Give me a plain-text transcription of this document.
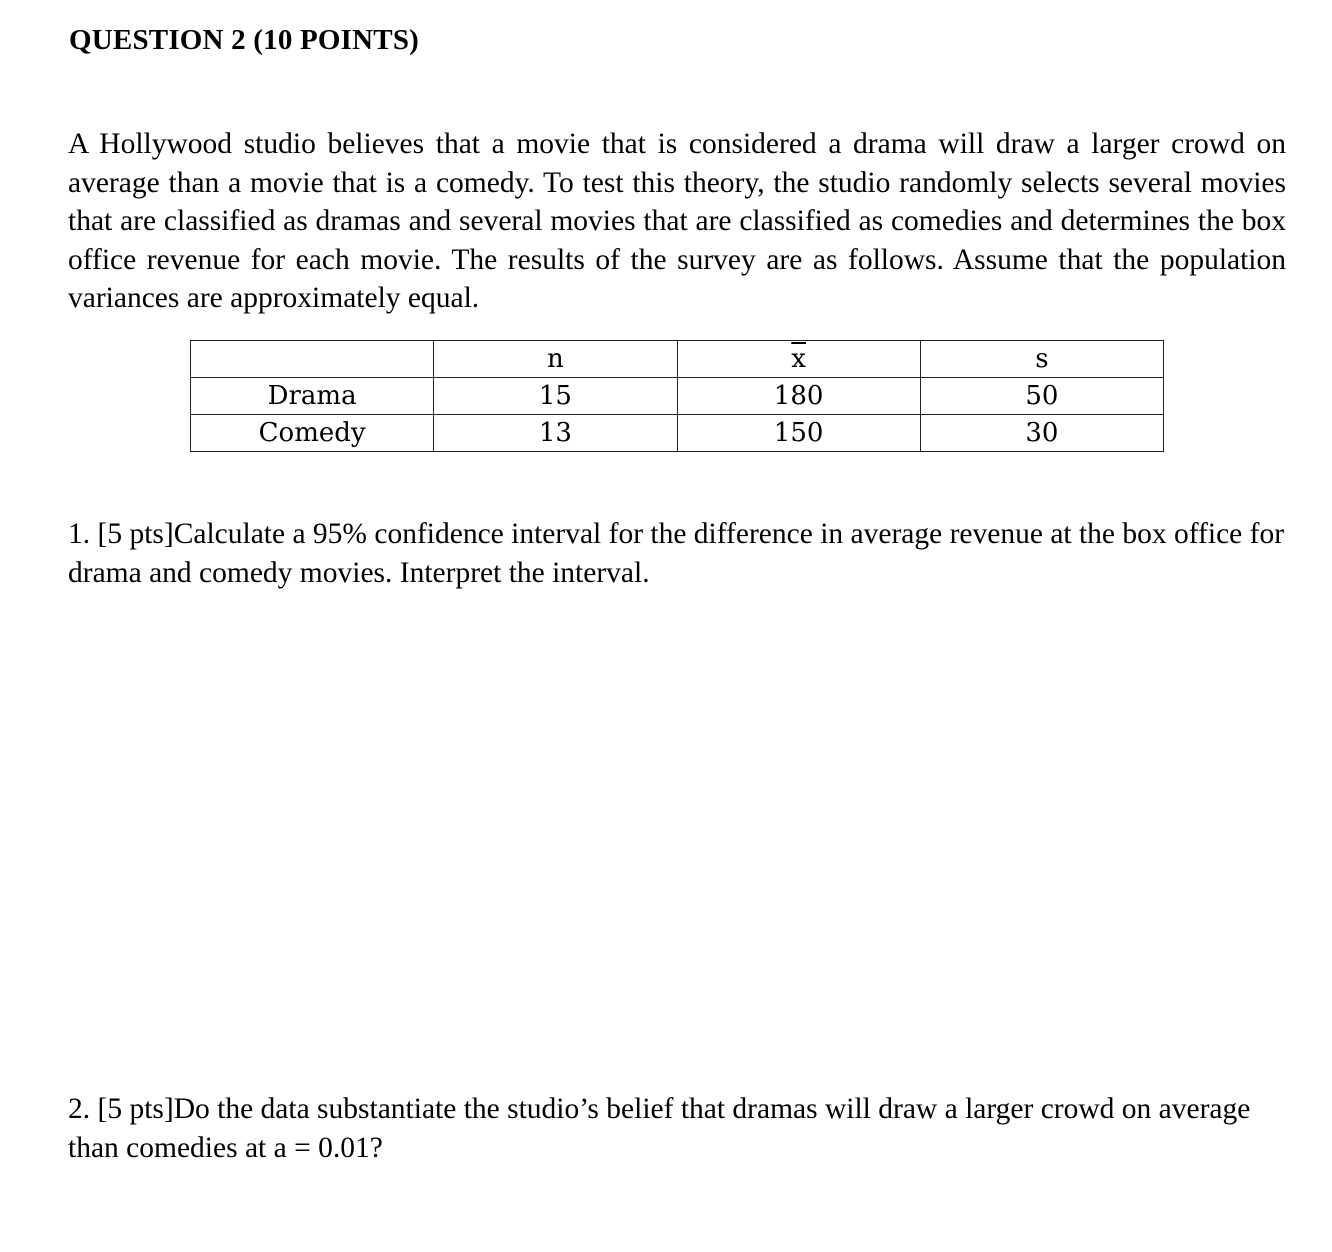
QUESTION 2 (10 POINTS)

A Hollywood studio believes that a movie that is considered a drama will draw a larger crowd on average than a movie that is a comedy. To test this theory, the studio randomly selects several movies that are classified as dramas and several movies that are classified as comedies and determines the box office revenue for each movie. The results of the survey are as follows. Assume that the population variances are approximately equal.

	n	$\overline{x}$	s
Drama	15	180	50
Comedy	13	150	30

1. [5 pts]Calculate a 95% confidence interval for the difference in average revenue at the box office for drama and comedy movies. Interpret the interval.

2. [5 pts]Do the data substantiate the studio’s belief that dramas will draw a larger crowd on average than comedies at a = 0.01?
